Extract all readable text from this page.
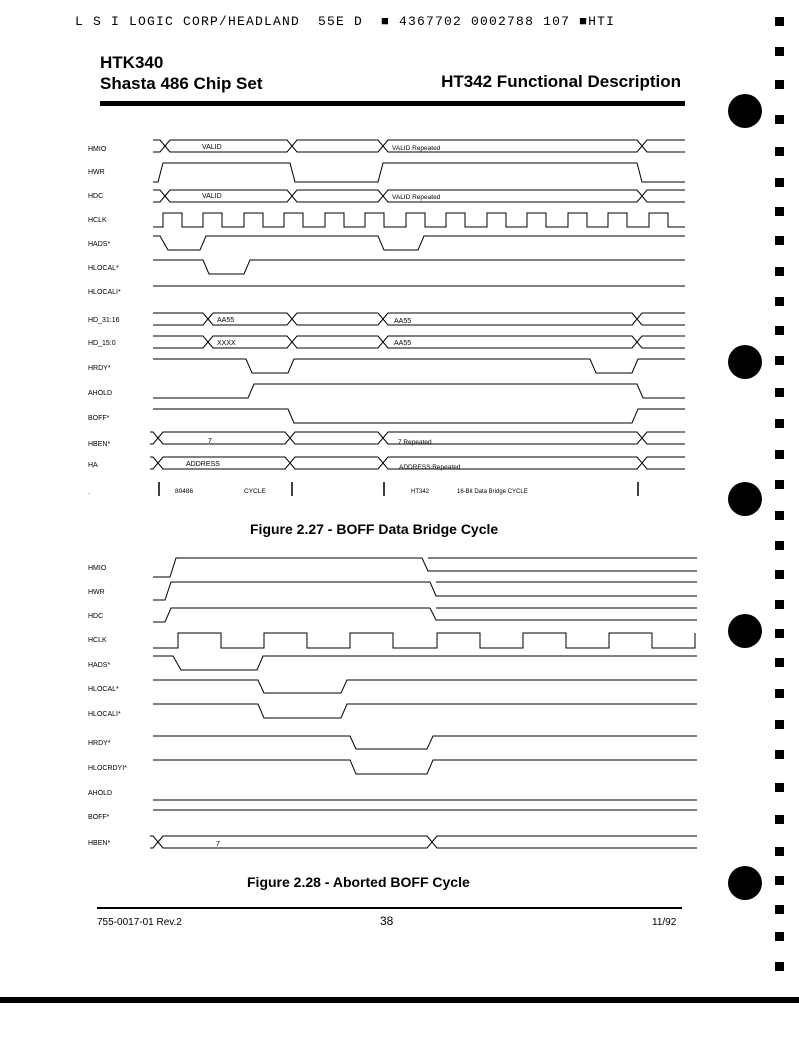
L S I LOGIC CORP/HEADLAND  55E D  ■ 4367702 0002788 107 ■HTI
HTK340
Shasta 486 Chip Set	HT342 Functional Description
HMIO
HWR
HDC
HCLK
HADS*
HLOCAL*
HLOCALI*
HD_31:16
HD_15:0
HRDY*
AHOLD
BOFF*
HBEN*
HA
.
VALID	VALID Repeated
VALID	VALID Repeated
AA55	AA55
XXXX	AA55
7	7 Repeated
ADDRESS	ADDRESS Repeated
80486	CYCLE	HT342	16-Bit Data Bridge CYCLE
HMIO
HWR
HDC
HCLK
HADS*
HLOCAL*
HLOCALI*
HRDY*
HLOCRDYI*
AHOLD
BOFF*
HBEN*	7
Figure 2.27 - BOFF Data Bridge Cycle
Figure 2.28 - Aborted BOFF Cycle
755-0017-01 Rev.2	38	11/92
